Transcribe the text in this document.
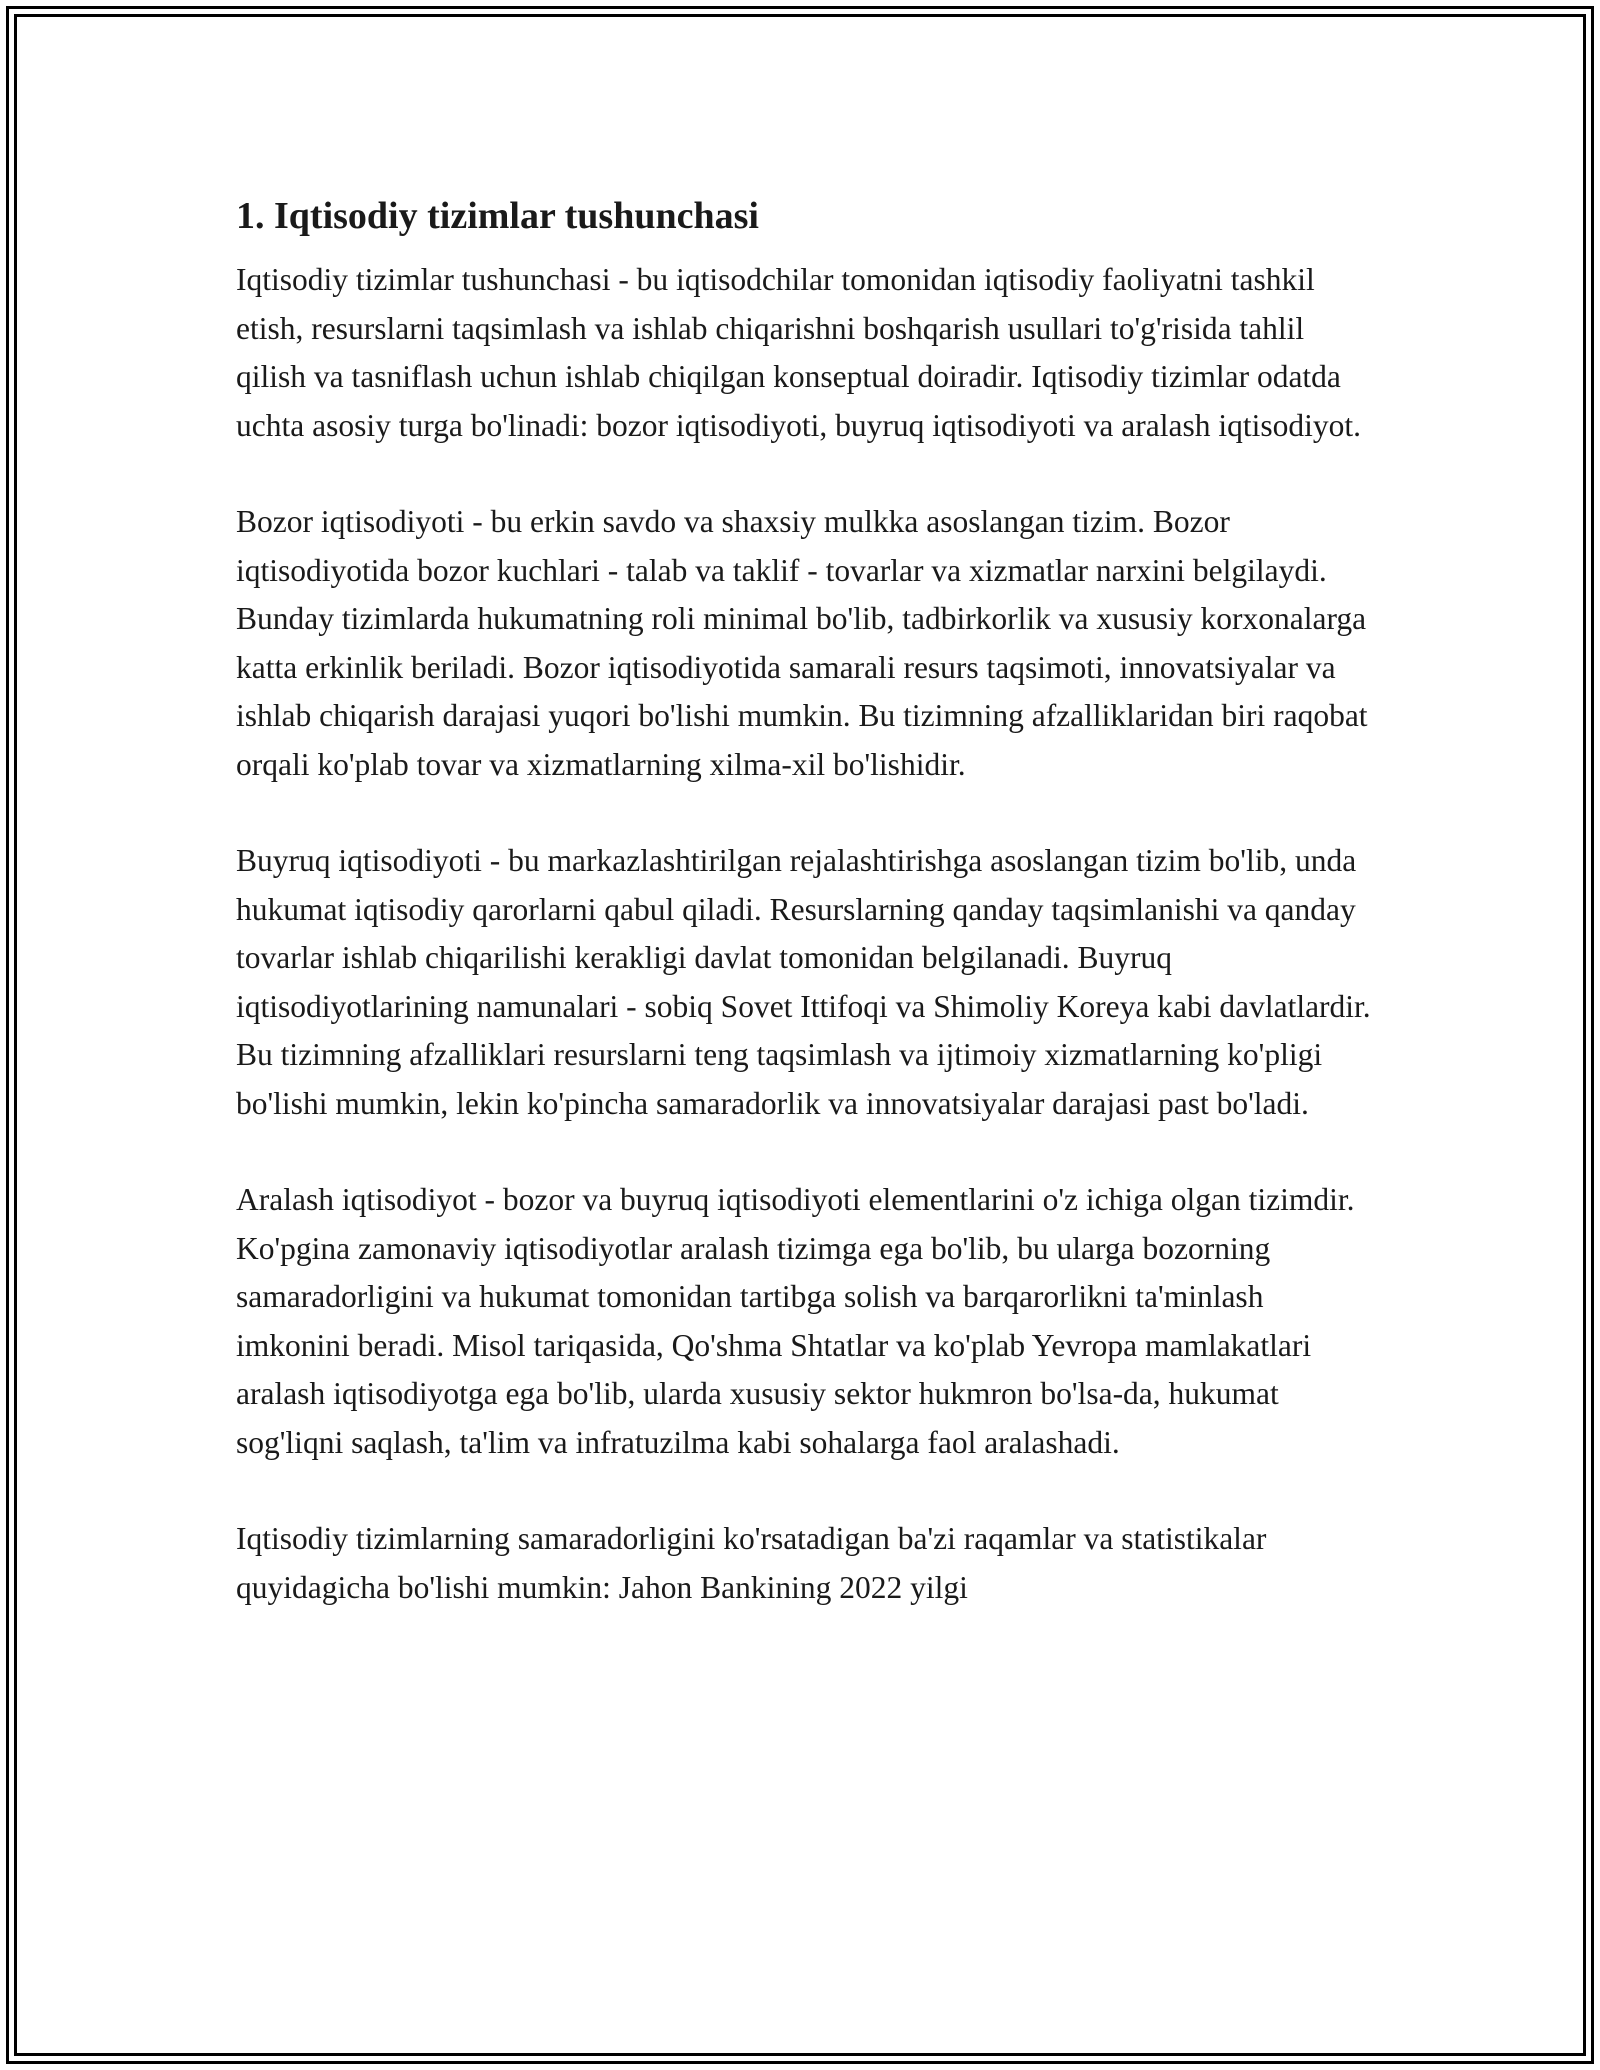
1. Iqtisodiy tizimlar tushunchasi

Iqtisodiy tizimlar tushunchasi - bu iqtisodchilar tomonidan iqtisodiy faoliyatni tashkil etish, resurslarni taqsimlash va ishlab chiqarishni boshqarish usullari to'g'risida tahlil qilish va tasniflash uchun ishlab chiqilgan konseptual doiradir. Iqtisodiy tizimlar odatda uchta asosiy turga bo'linadi: bozor iqtisodiyoti, buyruq iqtisodiyoti va aralash iqtisodiyot.

Bozor iqtisodiyoti - bu erkin savdo va shaxsiy mulkka asoslangan tizim. Bozor iqtisodiyotida bozor kuchlari - talab va taklif - tovarlar va xizmatlar narxini belgilaydi. Bunday tizimlarda hukumatning roli minimal bo'lib, tadbirkorlik va xususiy korxonalarga katta erkinlik beriladi. Bozor iqtisodiyotida samarali resurs taqsimoti, innovatsiyalar va ishlab chiqarish darajasi yuqori bo'lishi mumkin. Bu tizimning afzalliklaridan biri raqobat orqali ko'plab tovar va xizmatlarning xilma-xil bo'lishidir.

Buyruq iqtisodiyoti - bu markazlashtirilgan rejalashtirishga asoslangan tizim bo'lib, unda hukumat iqtisodiy qarorlarni qabul qiladi. Resurslarning qanday taqsimlanishi va qanday tovarlar ishlab chiqarilishi kerakligi davlat tomonidan belgilanadi. Buyruq iqtisodiyotlarining namunalari - sobiq Sovet Ittifoqi va Shimoliy Koreya kabi davlatlardir. Bu tizimning afzalliklari resurslarni teng taqsimlash va ijtimoiy xizmatlarning ko'pligi bo'lishi mumkin, lekin ko'pincha samaradorlik va innovatsiyalar darajasi past bo'ladi.

Aralash iqtisodiyot - bozor va buyruq iqtisodiyoti elementlarini o'z ichiga olgan tizimdir. Ko'pgina zamonaviy iqtisodiyotlar aralash tizimga ega bo'lib, bu ularga bozorning samaradorligini va hukumat tomonidan tartibga solish va barqarorlikni ta'minlash imkonini beradi. Misol tariqasida, Qo'shma Shtatlar va ko'plab Yevropa mamlakatlari aralash iqtisodiyotga ega bo'lib, ularda xususiy sektor hukmron bo'lsa-da, hukumat sog'liqni saqlash, ta'lim va infratuzilma kabi sohalarga faol aralashadi.

Iqtisodiy tizimlarning samaradorligini ko'rsatadigan ba'zi raqamlar va statistikalar quyidagicha bo'lishi mumkin: Jahon Bankining 2022 yilgi
